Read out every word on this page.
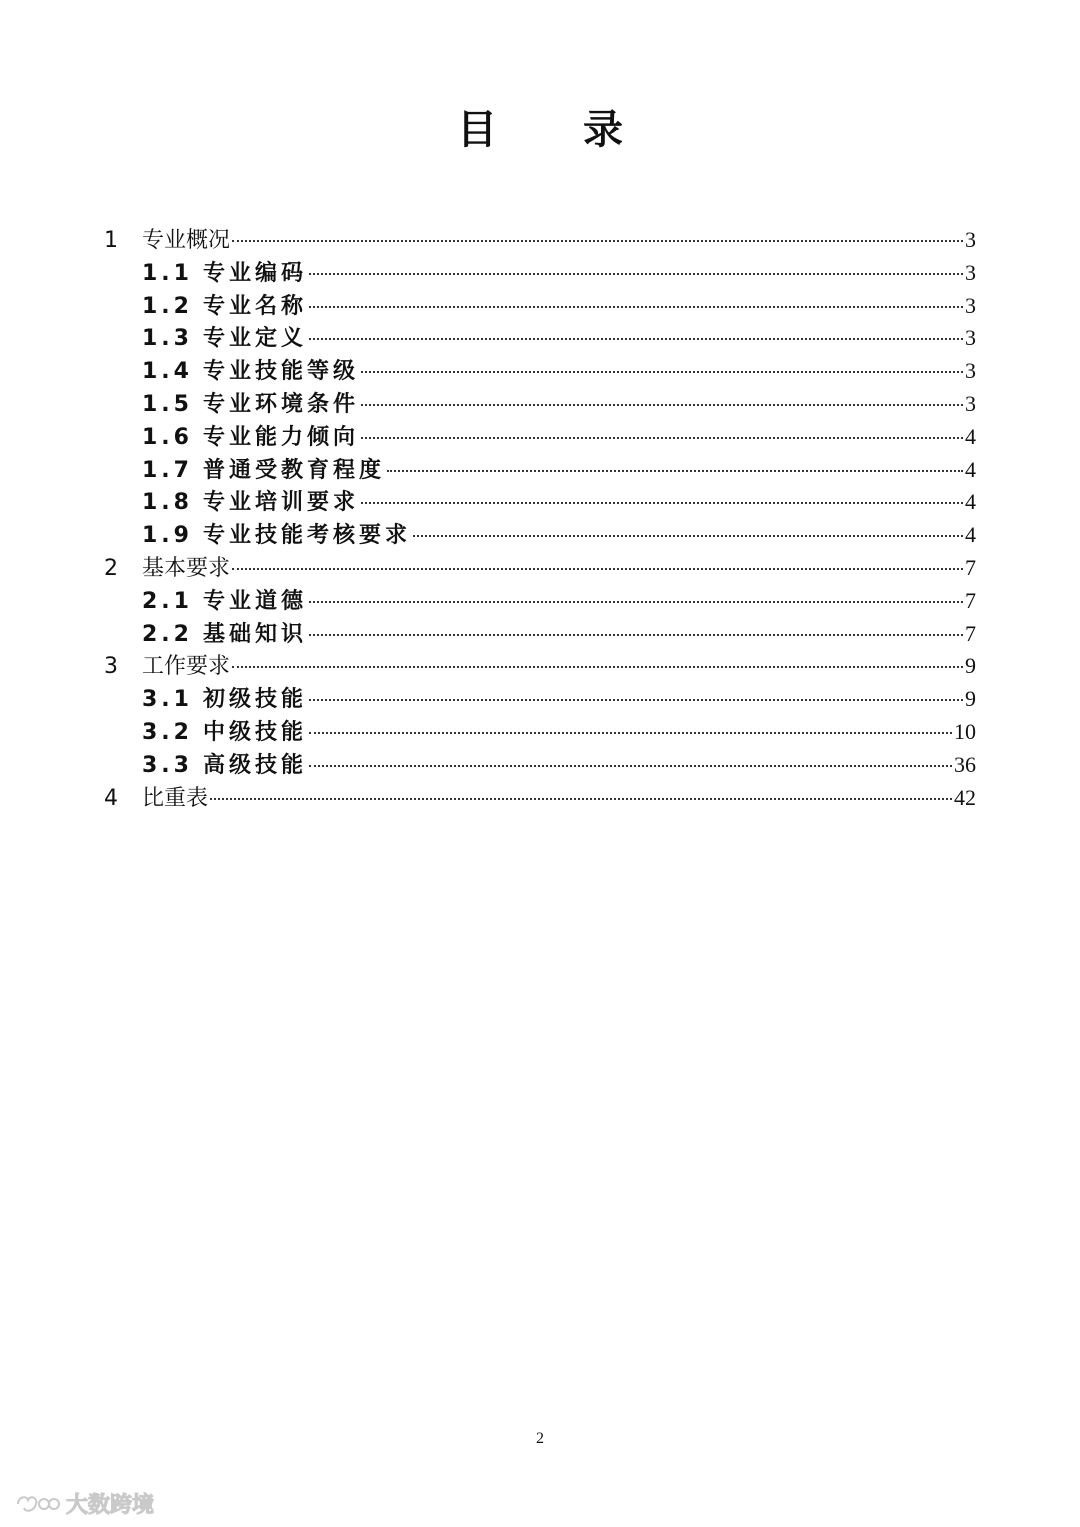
目 录
1	专业概况	3
1.1 专业编码	3
1.2 专业名称	3
1.3 专业定义	3
1.4 专业技能等级	3
1.5 专业环境条件	3
1.6 专业能力倾向	4
1.7 普通受教育程度	4
1.8 专业培训要求	4
1.9 专业技能考核要求	4
2	基本要求	7
2.1 专业道德	7
2.2 基础知识	7
3	工作要求	9
3.1 初级技能	9
3.2 中级技能	10
3.3 高级技能	36
4	比重表	42
2
大数跨境
